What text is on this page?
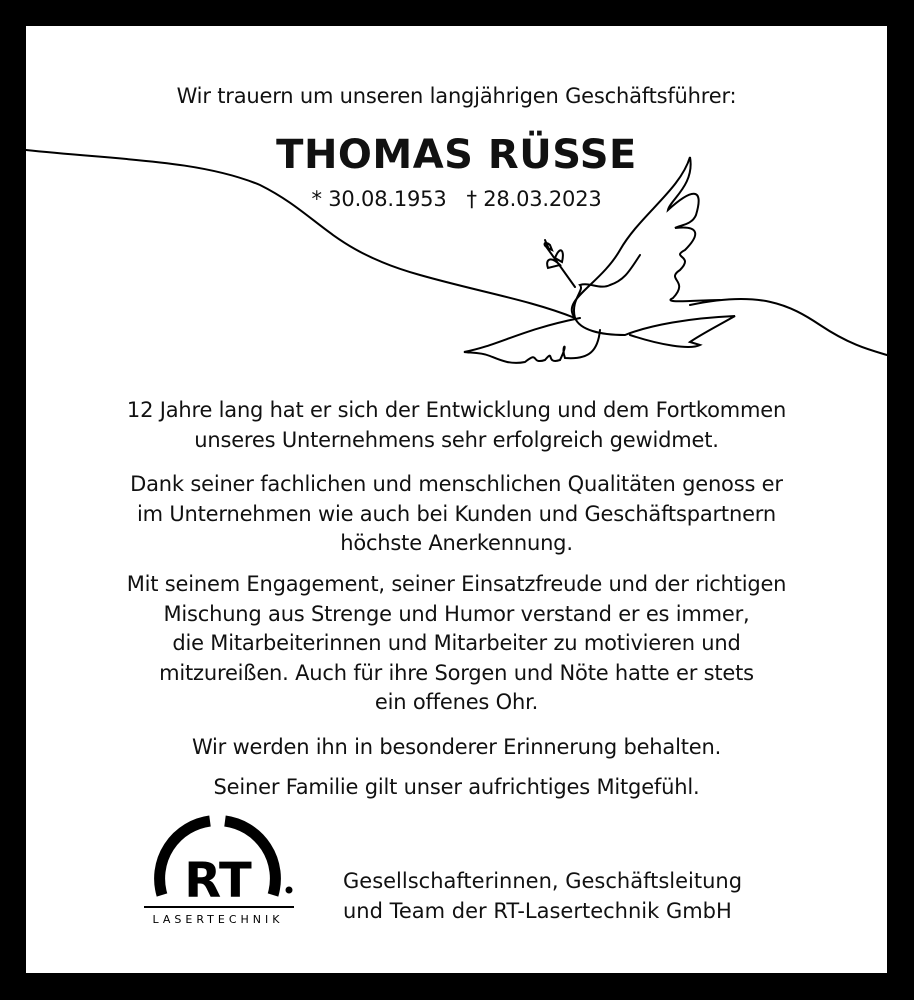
Wir trauern um unseren langjährigen Geschäftsführer:
THOMAS RÜSSE
* 30.08.1953 † 28.03.2023
12 Jahre lang hat er sich der Entwicklung und dem Fortkommen
unseres Unternehmens sehr erfolgreich gewidmet.
Dank seiner fachlichen und menschlichen Qualitäten genoss er
im Unternehmen wie auch bei Kunden und Geschäftspartnern
höchste Anerkennung.
Mit seinem Engagement, seiner Einsatzfreude und der richtigen
Mischung aus Strenge und Humor verstand er es immer,
die Mitarbeiterinnen und Mitarbeiter zu motivieren und
mitzureißen. Auch für ihre Sorgen und Nöte hatte er stets
ein offenes Ohr.
Wir werden ihn in besonderer Erinnerung behalten.
Seiner Familie gilt unser aufrichtiges Mitgefühl.
RT
LASERTECHNIK
Gesellschafterinnen, Geschäftsleitung
und Team der RT-Lasertechnik GmbH
